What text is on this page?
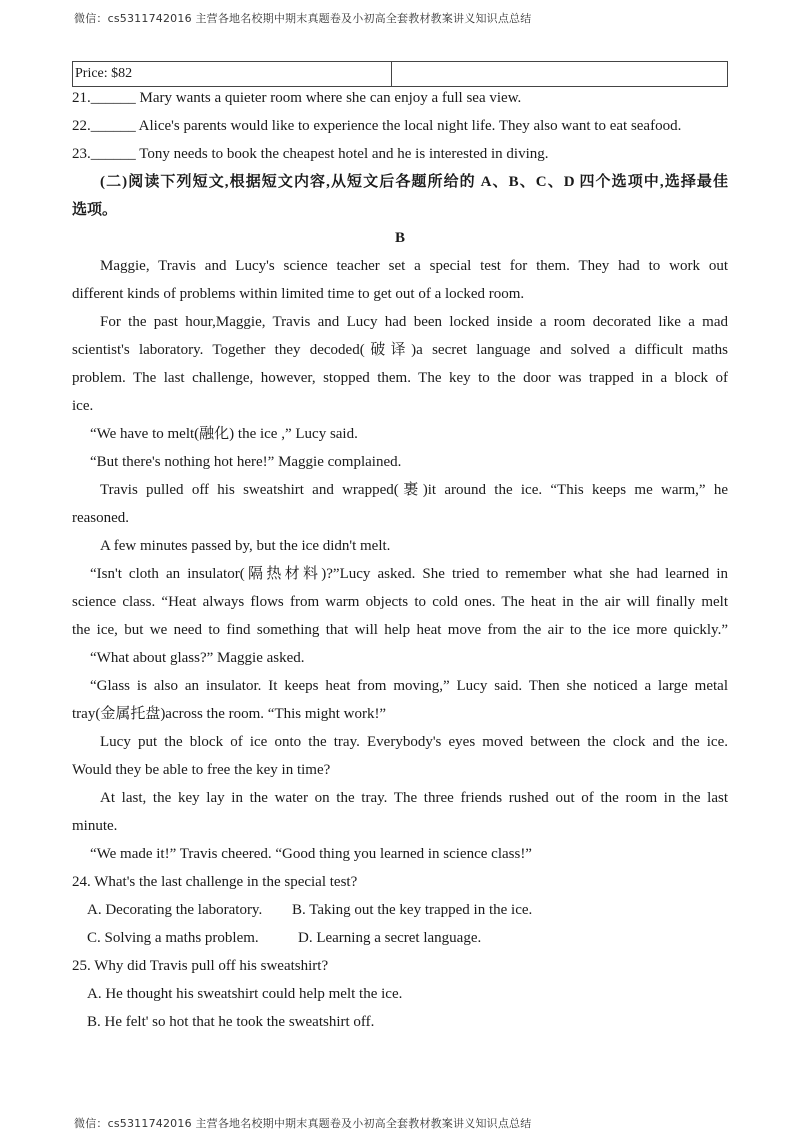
微信：cs5311742016 主营各地名校期中期末真题卷及小初高全套教材教案讲义知识点总结
Price: $82
21.______ Mary wants a quieter room where she can enjoy a full sea view.
22.______ Alice's parents would like to experience the local night life. They also want to eat seafood.
23.______ Tony needs to book the cheapest hotel and he is interested in diving.
(二)阅读下列短文,根据短文内容,从短文后各题所给的 A、B、C、D 四个选项中,选择最佳
选项。
B
Maggie, Travis and Lucy's science teacher set a special test for them. They had to work out
different kinds of problems within limited time to get out of a locked room.
For the past hour,Maggie, Travis and Lucy had been locked inside a room decorated like a mad
scientist's laboratory. Together they decoded(破译)a secret language and solved a difficult maths
problem. The last challenge, however, stopped them. The key to the door was trapped in a block of
ice.
“We have to melt(融化) the ice ,” Lucy said.
“But there's nothing hot here!” Maggie complained.
Travis pulled off his sweatshirt and wrapped(裹)it around the ice. “This keeps me warm,” he
reasoned.
A few minutes passed by, but the ice didn't melt.
“Isn't cloth an insulator(隔热材料)?”Lucy asked. She tried to remember what she had learned in
science class. “Heat always flows from warm objects to cold ones. The heat in the air will finally melt
the ice, but we need to find something that will help heat move from the air to the ice more quickly.”
“What about glass?” Maggie asked.
“Glass is also an insulator. It keeps heat from moving,” Lucy said. Then she noticed a large metal
tray(金属托盘)across the room. “This might work!”
Lucy put the block of ice onto the tray. Everybody's eyes moved between the clock and the ice.
Would they be able to free the key in time?
At last, the key lay in the water on the tray. The three friends rushed out of the room in the last
minute.
“We made it!” Travis cheered. “Good thing you learned in science class!”
24. What's the last challenge in the special test?
A. Decorating the laboratory. B. Taking out the key trapped in the ice.
C. Solving a maths problem.	D. Learning a secret language.
25. Why did Travis pull off his sweatshirt?
A. He thought his sweatshirt could help melt the ice.
B. He felt' so hot that he took the sweatshirt off.
微信：cs5311742016 主营各地名校期中期末真题卷及小初高全套教材教案讲义知识点总结
